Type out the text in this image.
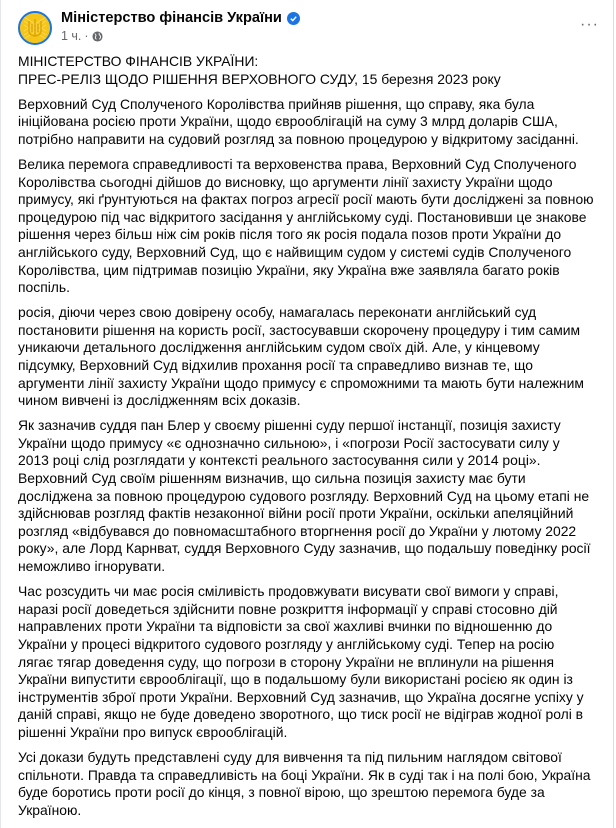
Міністерство фінансів України
1 ч. ·
···
МІНІСТЕРСТВО ФІНАНСІВ УКРАЇНИ:
ПРЕС-РЕЛІЗ ЩОДО РІШЕННЯ ВЕРХОВНОГО СУДУ, 15 березня 2023 року
Верховний Суд Сполученого Королівства прийняв рішення, що справу, яка була
ініційована росією проти України, щодо єврооблігацій на суму 3 млрд доларів США,
потрібно направити на судовий розгляд за повною процедурою у відкритому засіданні.
Велика перемога справедливості та верховенства права, Верховний Суд Сполученого
Королівства сьогодні дійшов до висновку, що аргументи лінії захисту України щодо
примусу, які ґрунтуються на фактах погроз агресії росії мають бути досліджені за повною
процедурою під час відкритого засідання у англійському суді. Постановивши це знакове
рішення через більш ніж сім років після того як росія подала позов проти України до
англійського суду, Верховний Суд, що є найвищим судом у системі судів Сполученого
Королівства, цим підтримав позицію України, яку Україна вже заявляла багато років
поспіль.
росія, діючи через свою довірену особу, намагалась переконати англійський суд
постановити рішення на користь росії, застосувавши скорочену процедуру і тим самим
уникаючи детального дослідження англійським судом своїх дій. Але, у кінцевому
підсумку, Верховний Суд відхилив прохання росії та справедливо визнав те, що
аргументи лінії захисту України щодо примусу є спроможними та мають бути належним
чином вивчені із дослідженням всіх доказів.
Як зазначив суддя пан Блер у своєму рішенні суду першої інстанції, позиція захисту
України щодо примусу «є однозначно сильною», і «погрози Росії застосувати силу у
2013 році слід розглядати у контексті реального застосування сили у 2014 році».
Верховний Суд своїм рішенням визначив, що сильна позиція захисту має бути
досліджена за повною процедурою судового розгляду. Верховний Суд на цьому етапі не
здійснював розгляд фактів незаконної війни росії проти України, оскільки апеляційний
розгляд «відбувався до повномасштабного вторгнення росії до України у лютому 2022
року», але Лорд Карнват, суддя Верховного Суду зазначив, що подальшу поведінку росії
неможливо ігнорувати.
Час розсудить чи має росія сміливість продовжувати висувати свої вимоги у справі,
наразі росії доведеться здійснити повне розкриття інформації у справі стосовно дій
направлених проти України та відповісти за свої жахливі вчинки по відношенню до
України у процесі відкритого судового розгляду у англійському суді. Тепер на росію
лягає тягар доведення суду, що погрози в сторону України не вплинули на рішення
України випустити єврооблігації, що в подальшому були використані росією як один із
інструментів зброї проти України. Верховний Суд зазначив, що Україна досягне успіху у
даній справі, якщо не буде доведено зворотного, що тиск росії не відіграв жодної ролі в
рішенні України про випуск єврооблігацій.
Усі докази будуть представлені суду для вивчення та під пильним наглядом світової
спільноти. Правда та справедливість на боці України. Як в суді так і на полі бою, Україна
буде боротись проти росії до кінця, з повної вірою, що зрештою перемога буде за
Україною.
